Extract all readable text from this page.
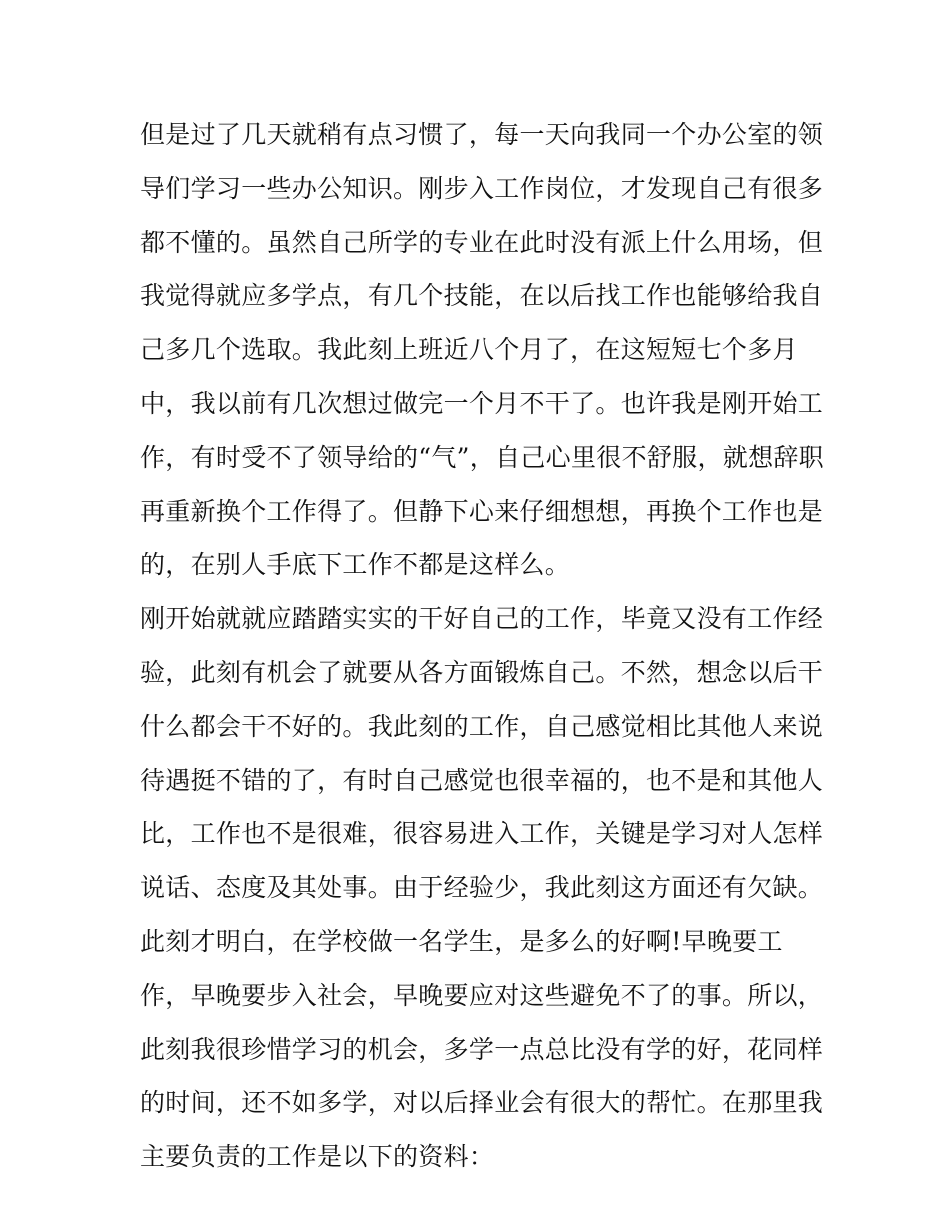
但是过了几天就稍有点习惯了，每一天向我同一个办公室的领
导们学习一些办公知识。刚步入工作岗位，才发现自己有很多
都不懂的。虽然自己所学的专业在此时没有派上什么用场，但
我觉得就应多学点，有几个技能，在以后找工作也能够给我自
己多几个选取。我此刻上班近八个月了，在这短短七个多月
中，我以前有几次想过做完一个月不干了。也许我是刚开始工
作，有时受不了领导给的“气”，自己心里很不舒服，就想辞职
再重新换个工作得了。但静下心来仔细想想，再换个工作也是
的，在别人手底下工作不都是这样么。
刚开始就就应踏踏实实的干好自己的工作，毕竟又没有工作经
验，此刻有机会了就要从各方面锻炼自己。不然，想念以后干
什么都会干不好的。我此刻的工作，自己感觉相比其他人来说
待遇挺不错的了，有时自己感觉也很幸福的，也不是和其他人
比，工作也不是很难，很容易进入工作，关键是学习对人怎样
说话、态度及其处事。由于经验少，我此刻这方面还有欠缺。
此刻才明白，在学校做一名学生，是多么的好啊!早晚要工
作，早晚要步入社会，早晚要应对这些避免不了的事。所以，
此刻我很珍惜学习的机会，多学一点总比没有学的好，花同样
的时间，还不如多学，对以后择业会有很大的帮忙。在那里我
主要负责的工作是以下的资料：
